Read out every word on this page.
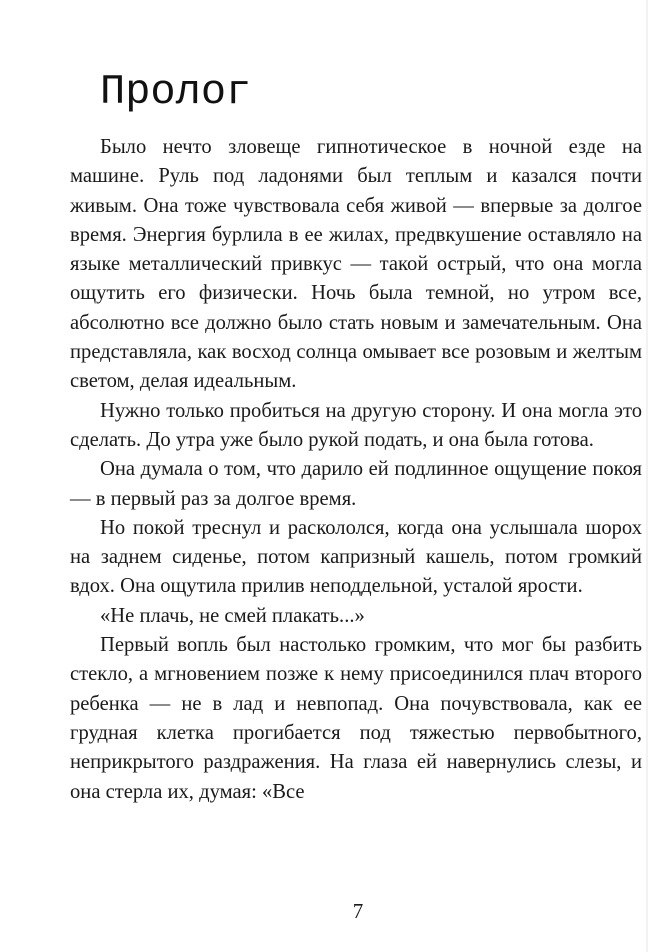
Пролог

Было нечто зловеще гипнотическое в ночной езде на машине. Руль под ладонями был теплым и казался почти живым. Она тоже чувствовала себя живой — впервые за долгое время. Энергия бурлила в ее жилах, предвкушение оставляло на языке металлический привкус — такой острый, что она могла ощутить его физически. Ночь была темной, но утром все, абсолютно все должно было стать новым и замечательным. Она представляла, как восход солнца омывает все розовым и желтым светом, делая идеальным.

Нужно только пробиться на другую сторону. И она могла это сделать. До утра уже было рукой подать, и она была готова.

Она думала о том, что дарило ей подлинное ощущение покоя — в первый раз за долгое время.

Но покой треснул и раскололся, когда она услышала шорох на заднем сиденье, потом капризный кашель, потом громкий вдох. Она ощутила прилив неподдельной, усталой ярости.

«Не плачь, не смей плакать...»

Первый вопль был настолько громким, что мог бы разбить стекло, а мгновением позже к нему присоединился плач второго ребенка — не в лад и невпопад. Она почувствовала, как ее грудная клетка прогибается под тяжестью первобытного, неприкрытого раздражения. На глаза ей навернулись слезы, и она стерла их, думая: «Все

7
